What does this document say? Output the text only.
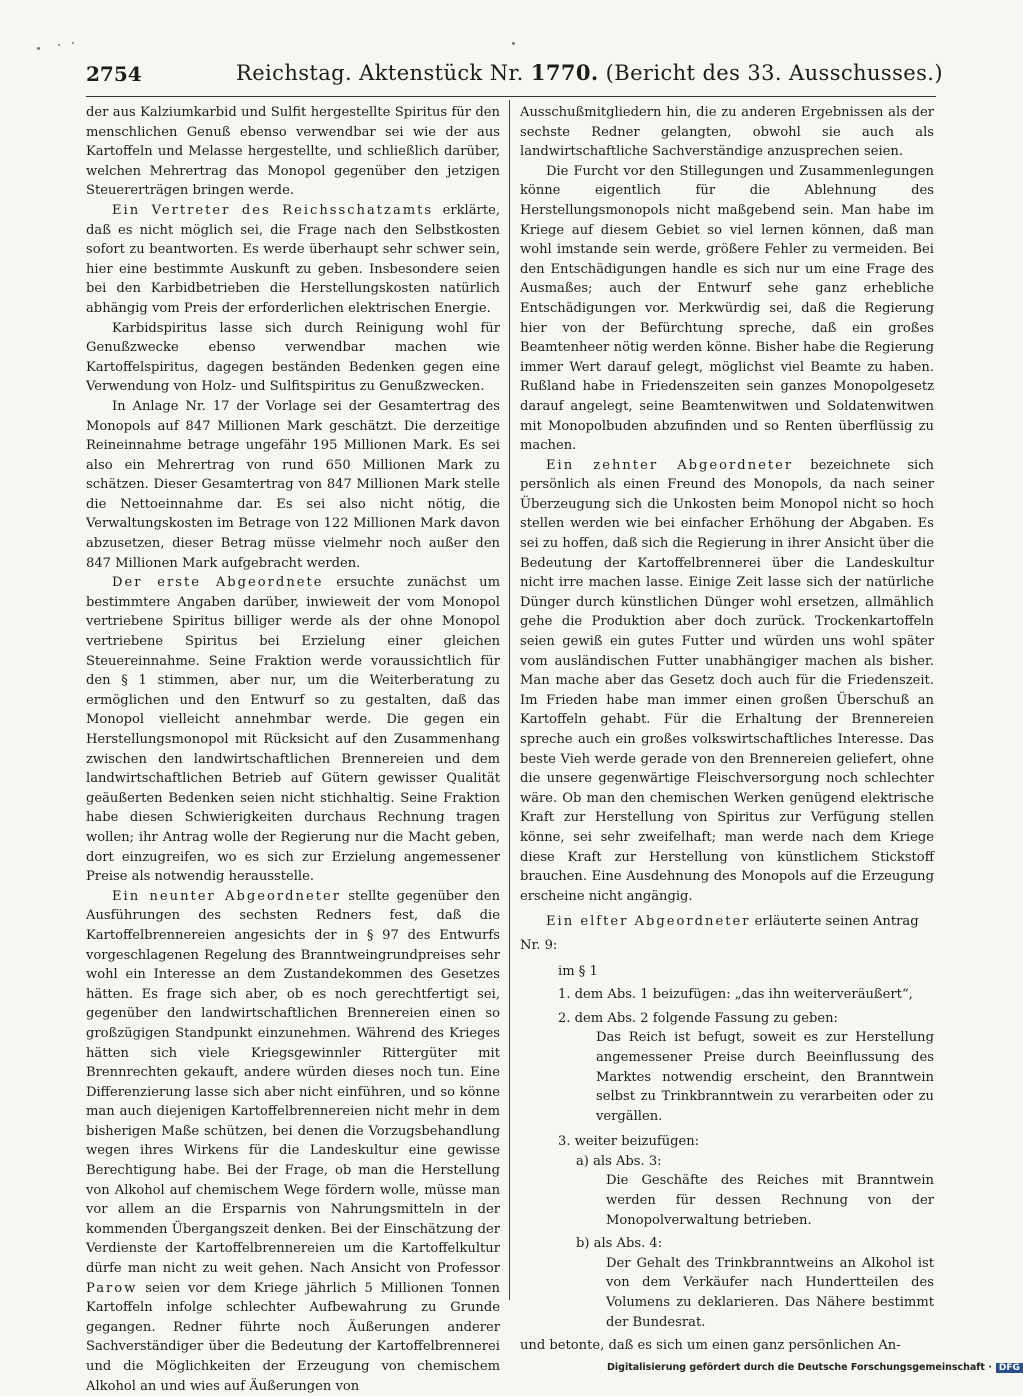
2754	Reichstag. Aktenstück Nr. 1770. (Bericht des 33. Ausschusses.)

der aus Kalziumkarbid und Sulfit hergestellte Spiritus für den menschlichen Genuß ebenso verwendbar sei wie der aus Kartoffeln und Melasse hergestellte, und schließlich darüber, welchen Mehrertrag das Monopol gegenüber den jetzigen Steuererträgen bringen werde.

Ein Vertreter des Reichsschatzamts erklärte, daß es nicht möglich sei, die Frage nach den Selbstkosten sofort zu beantworten. Es werde überhaupt sehr schwer sein, hier eine bestimmte Auskunft zu geben. Insbesondere seien bei den Karbidbetrieben die Herstellungskosten natürlich abhängig vom Preis der erforderlichen elektrischen Energie.

Karbidspiritus lasse sich durch Reinigung wohl für Genußzwecke ebenso verwendbar machen wie Kartoffelspiritus, dagegen beständen Bedenken gegen eine Verwendung von Holz- und Sulfitspiritus zu Genußzwecken.

In Anlage Nr. 17 der Vorlage sei der Gesamtertrag des Monopols auf 847 Millionen Mark geschätzt. Die derzeitige Reineinnahme betrage ungefähr 195 Millionen Mark. Es sei also ein Mehrertrag von rund 650 Millionen Mark zu schätzen. Dieser Gesamtertrag von 847 Millionen Mark stelle die Nettoeinnahme dar. Es sei also nicht nötig, die Verwaltungskosten im Betrage von 122 Millionen Mark davon abzusetzen, dieser Betrag müsse vielmehr noch außer den 847 Millionen Mark aufgebracht werden.

Der erste Abgeordnete ersuchte zunächst um bestimmtere Angaben darüber, inwieweit der vom Monopol vertriebene Spiritus billiger werde als der ohne Monopol vertriebene Spiritus bei Erzielung einer gleichen Steuereinnahme. Seine Fraktion werde voraussichtlich für den § 1 stimmen, aber nur, um die Weiterberatung zu ermöglichen und den Entwurf so zu gestalten, daß das Monopol vielleicht annehmbar werde. Die gegen ein Herstellungsmonopol mit Rücksicht auf den Zusammenhang zwischen den landwirtschaftlichen Brennereien und dem landwirtschaftlichen Betrieb auf Gütern gewisser Qualität geäußerten Bedenken seien nicht stichhaltig. Seine Fraktion habe diesen Schwierigkeiten durchaus Rechnung tragen wollen; ihr Antrag wolle der Regierung nur die Macht geben, dort einzugreifen, wo es sich zur Erzielung angemessener Preise als notwendig herausstelle.

Ein neunter Abgeordneter stellte gegenüber den Ausführungen des sechsten Redners fest, daß die Kartoffelbrennereien angesichts der in § 97 des Entwurfs vorgeschlagenen Regelung des Branntweingrundpreises sehr wohl ein Interesse an dem Zustandekommen des Gesetzes hätten. Es frage sich aber, ob es noch gerechtfertigt sei, gegenüber den landwirtschaftlichen Brennereien einen so großzügigen Standpunkt einzunehmen. Während des Krieges hätten sich viele Kriegsgewinnler Rittergüter mit Brennrechten gekauft, andere würden dieses noch tun. Eine Differenzierung lasse sich aber nicht einführen, und so könne man auch diejenigen Kartoffelbrennereien nicht mehr in dem bisherigen Maße schützen, bei denen die Vorzugsbehandlung wegen ihres Wirkens für die Landeskultur eine gewisse Berechtigung habe. Bei der Frage, ob man die Herstellung von Alkohol auf chemischem Wege fördern wolle, müsse man vor allem an die Ersparnis von Nahrungsmitteln in der kommenden Übergangszeit denken. Bei der Einschätzung der Verdienste der Kartoffelbrennereien um die Kartoffelkultur dürfe man nicht zu weit gehen. Nach Ansicht von Professor Parow seien vor dem Kriege jährlich 5 Millionen Tonnen Kartoffeln infolge schlechter Aufbewahrung zu Grunde gegangen. Redner führte noch Äußerungen anderer Sachverständiger über die Bedeutung der Kartoffelbrennerei und die Möglichkeiten der Erzeugung von chemischem Alkohol an und wies auf Äußerungen von

Ausschußmitgliedern hin, die zu anderen Ergebnissen als der sechste Redner gelangten, obwohl sie auch als landwirtschaftliche Sachverständige anzusprechen seien.

Die Furcht vor den Stillegungen und Zusammenlegungen könne eigentlich für die Ablehnung des Herstellungsmonopols nicht maßgebend sein. Man habe im Kriege auf diesem Gebiet so viel lernen können, daß man wohl imstande sein werde, größere Fehler zu vermeiden. Bei den Entschädigungen handle es sich nur um eine Frage des Ausmaßes; auch der Entwurf sehe ganz erhebliche Entschädigungen vor. Merkwürdig sei, daß die Regierung hier von der Befürchtung spreche, daß ein großes Beamtenheer nötig werden könne. Bisher habe die Regierung immer Wert darauf gelegt, möglichst viel Beamte zu haben. Rußland habe in Friedenszeiten sein ganzes Monopolgesetz darauf angelegt, seine Beamtenwitwen und Soldatenwitwen mit Monopolbuden abzufinden und so Renten überflüssig zu machen.

Ein zehnter Abgeordneter bezeichnete sich persönlich als einen Freund des Monopols, da nach seiner Überzeugung sich die Unkosten beim Monopol nicht so hoch stellen werden wie bei einfacher Erhöhung der Abgaben. Es sei zu hoffen, daß sich die Regierung in ihrer Ansicht über die Bedeutung der Kartoffelbrennerei über die Landeskultur nicht irre machen lasse. Einige Zeit lasse sich der natürliche Dünger durch künstlichen Dünger wohl ersetzen, allmählich gehe die Produktion aber doch zurück. Trockenkartoffeln seien gewiß ein gutes Futter und würden uns wohl später vom ausländischen Futter unabhängiger machen als bisher. Man mache aber das Gesetz doch auch für die Friedenszeit. Im Frieden habe man immer einen großen Überschuß an Kartoffeln gehabt. Für die Erhaltung der Brennereien spreche auch ein großes volkswirtschaftliches Interesse. Das beste Vieh werde gerade von den Brennereien geliefert, ohne die unsere gegenwärtige Fleischversorgung noch schlechter wäre. Ob man den chemischen Werken genügend elektrische Kraft zur Herstellung von Spiritus zur Verfügung stellen könne, sei sehr zweifelhaft; man werde nach dem Kriege diese Kraft zur Herstellung von künstlichem Stickstoff brauchen. Eine Ausdehnung des Monopols auf die Erzeugung erscheine nicht angängig.

Ein elfter Abgeordneter erläuterte seinen Antrag

Nr. 9:

im § 1
1. dem Abs. 1 beizufügen: „das ihn weiterveräußert“,
2. dem Abs. 2 folgende Fassung zu geben:
Das Reich ist befugt, soweit es zur Herstellung angemessener Preise durch Beeinflussung des Marktes notwendig erscheint, den Branntwein selbst zu Trinkbranntwein zu verarbeiten oder zu vergällen.
3. weiter beizufügen:
a) als Abs. 3:
Die Geschäfte des Reiches mit Branntwein werden für dessen Rechnung von der Monopolverwaltung betrieben.
b) als Abs. 4:
Der Gehalt des Trinkbranntweins an Alkohol ist von dem Verkäufer nach Hundertteilen des Volumens zu deklarieren. Das Nähere bestimmt der Bundesrat.

und betonte, daß es sich um einen ganz persönlichen An-

Digitalisierung gefördert durch die Deutsche Forschungsgemeinschaft · DFG
